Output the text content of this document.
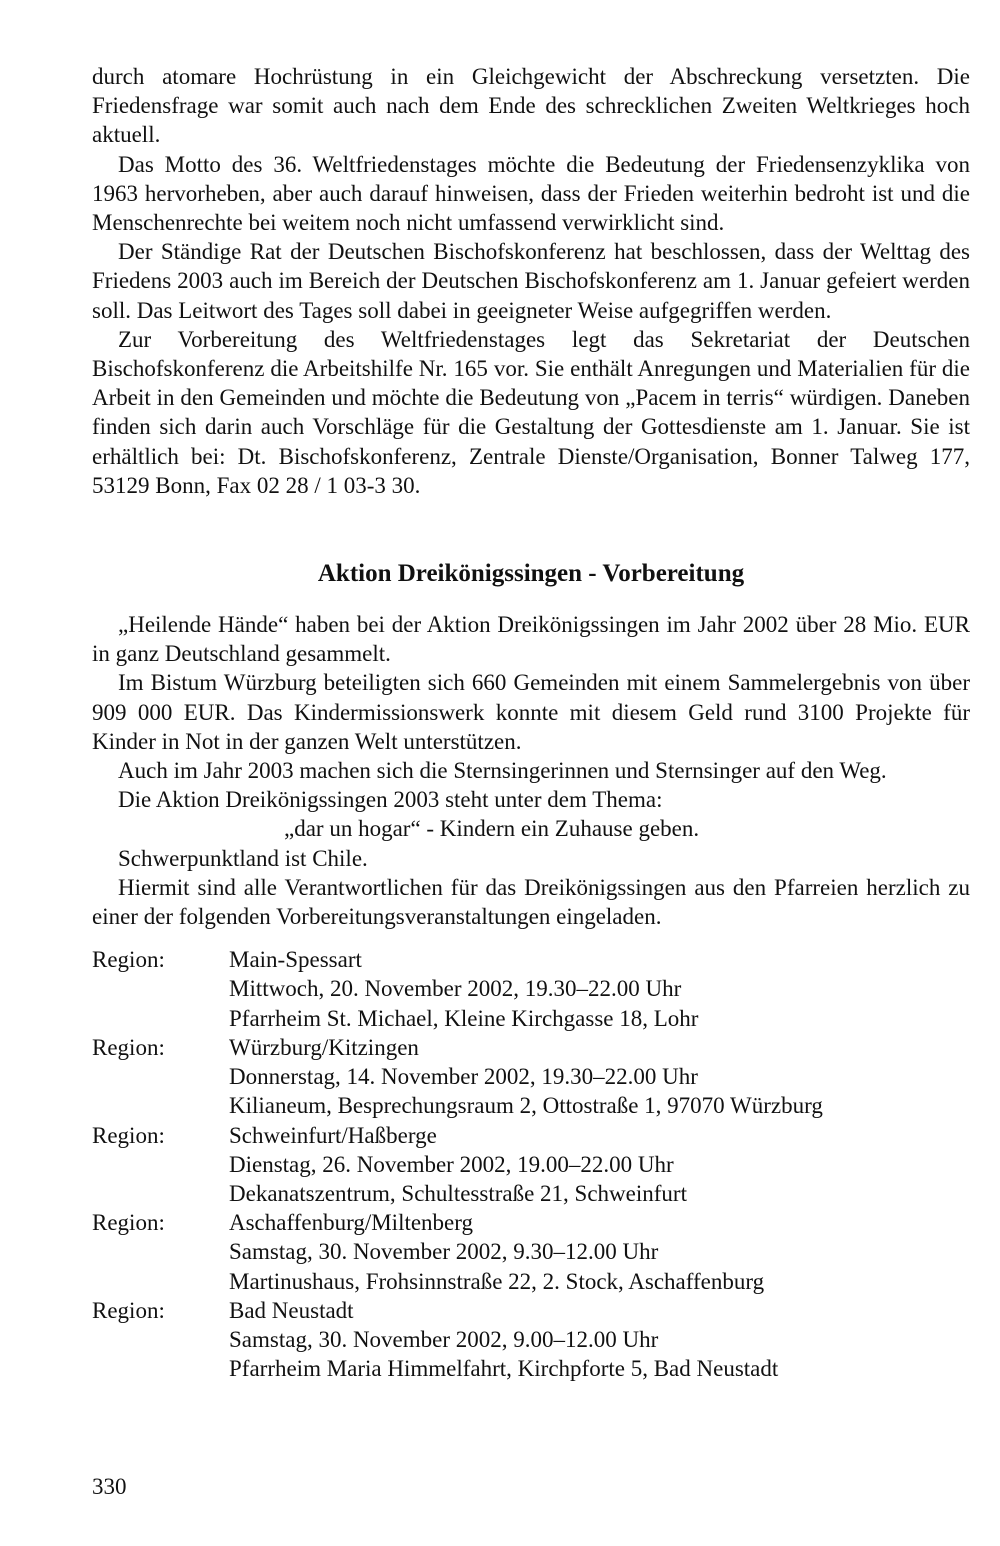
durch atomare Hochrüstung in ein Gleichgewicht der Abschreckung versetzten. Die Friedensfrage war somit auch nach dem Ende des schrecklichen Zweiten Weltkrieges hoch aktuell.

Das Motto des 36. Weltfriedenstages möchte die Bedeutung der Friedensenzyklika von 1963 hervorheben, aber auch darauf hinweisen, dass der Frieden weiterhin bedroht ist und die Menschenrechte bei weitem noch nicht umfassend verwirklicht sind.

Der Ständige Rat der Deutschen Bischofskonferenz hat beschlossen, dass der Welttag des Friedens 2003 auch im Bereich der Deutschen Bischofskonferenz am 1. Januar gefeiert werden soll. Das Leitwort des Tages soll dabei in geeigneter Weise aufgegriffen werden.

Zur Vorbereitung des Weltfriedenstages legt das Sekretariat der Deutschen Bischofskonferenz die Arbeitshilfe Nr. 165 vor. Sie enthält Anregungen und Materialien für die Arbeit in den Gemeinden und möchte die Bedeutung von „Pacem in terris“ würdigen. Daneben finden sich darin auch Vorschläge für die Gestaltung der Gottesdienste am 1. Januar. Sie ist erhältlich bei: Dt. Bischofskonferenz, Zentrale Dienste/Organisation, Bonner Talweg 177, 53129 Bonn, Fax 02 28 / 1 03-3 30.

Aktion Dreikönigssingen - Vorbereitung

„Heilende Hände“ haben bei der Aktion Dreikönigssingen im Jahr 2002 über 28 Mio. EUR in ganz Deutschland gesammelt.

Im Bistum Würzburg beteiligten sich 660 Gemeinden mit einem Sammelergebnis von über 909 000 EUR. Das Kindermissionswerk konnte mit diesem Geld rund 3100 Projekte für Kinder in Not in der ganzen Welt unterstützen.

Auch im Jahr 2003 machen sich die Sternsingerinnen und Sternsinger auf den Weg.

Die Aktion Dreikönigssingen 2003 steht unter dem Thema:

„dar un hogar“ - Kindern ein Zuhause geben.

Schwerpunktland ist Chile.

Hiermit sind alle Verantwortlichen für das Dreikönigssingen aus den Pfarreien herzlich zu einer der folgenden Vorbereitungsveranstaltungen eingeladen.

Region:	Main-Spessart
Mittwoch, 20. November 2002, 19.30–22.00 Uhr
Pfarrheim St. Michael, Kleine Kirchgasse 18, Lohr
Region:	Würzburg/Kitzingen
Donnerstag, 14. November 2002, 19.30–22.00 Uhr
Kilianeum, Besprechungsraum 2, Ottostraße 1, 97070 Würzburg
Region:	Schweinfurt/Haßberge
Dienstag, 26. November 2002, 19.00–22.00 Uhr
Dekanatszentrum, Schultesstraße 21, Schweinfurt
Region:	Aschaffenburg/Miltenberg
Samstag, 30. November 2002, 9.30–12.00 Uhr
Martinushaus, Frohsinnstraße 22, 2. Stock, Aschaffenburg
Region:	Bad Neustadt
Samstag, 30. November 2002, 9.00–12.00 Uhr
Pfarrheim Maria Himmelfahrt, Kirchpforte 5, Bad Neustadt
330
